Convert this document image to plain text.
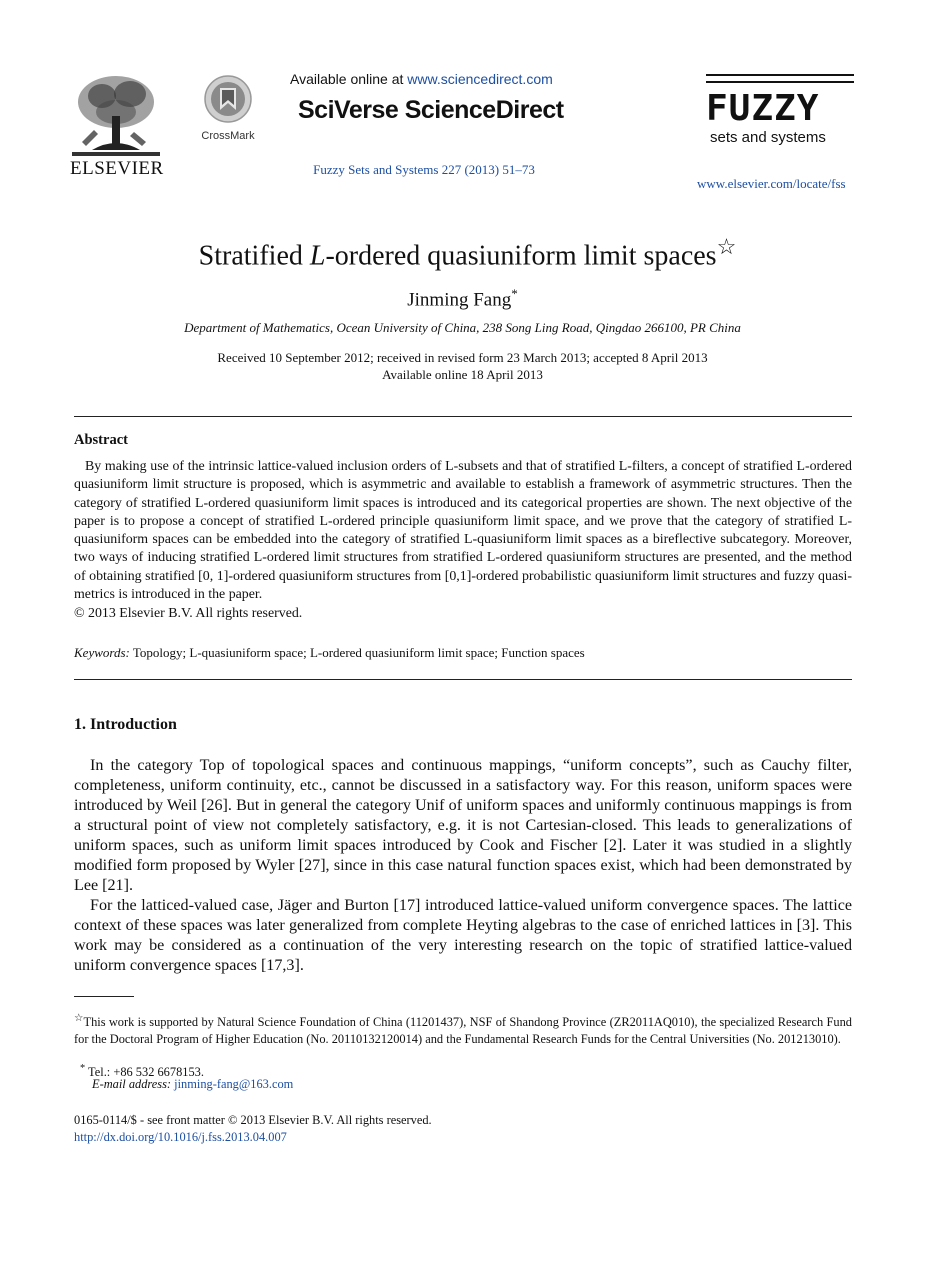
ELSEVIER
CrossMark
Available online at www.sciencedirect.com
SciVerse ScienceDirect
Fuzzy Sets and Systems 227 (2013) 51–73
FUZZY
sets and systems
www.elsevier.com/locate/fss
Stratified L-ordered quasiuniform limit spaces☆
Jinming Fang*
Department of Mathematics, Ocean University of China, 238 Song Ling Road, Qingdao 266100, PR China
Received 10 September 2012; received in revised form 23 March 2013; accepted 8 April 2013
Available online 18 April 2013
Abstract
By making use of the intrinsic lattice-valued inclusion orders of L-subsets and that of stratified L-filters, a concept of stratified L-ordered quasiuniform limit structure is proposed, which is asymmetric and available to establish a framework of asymmetric structures. Then the category of stratified L-ordered quasiuniform limit spaces is introduced and its categorical properties are shown. The next objective of the paper is to propose a concept of stratified L-ordered principle quasiuniform limit space, and we prove that the category of stratified L-quasiuniform spaces can be embedded into the category of stratified L-quasiuniform limit spaces as a bireflective subcategory. Moreover, two ways of inducing stratified L-ordered limit structures from stratified L-ordered quasiuniform structures are presented, and the method of obtaining stratified [0, 1]-ordered quasiuniform structures from [0,1]-ordered probabilistic quasiuniform limit structures and fuzzy quasi-metrics is introduced in the paper.
© 2013 Elsevier B.V. All rights reserved.
Keywords: Topology; L-quasiuniform space; L-ordered quasiuniform limit space; Function spaces
1. Introduction
In the category Top of topological spaces and continuous mappings, “uniform concepts”, such as Cauchy filter, completeness, uniform continuity, etc., cannot be discussed in a satisfactory way. For this reason, uniform spaces were introduced by Weil [26]. But in general the category Unif of uniform spaces and uniformly continuous mappings is from a structural point of view not completely satisfactory, e.g. it is not Cartesian-closed. This leads to generalizations of uniform spaces, such as uniform limit spaces introduced by Cook and Fischer [2]. Later it was studied in a slightly modified form proposed by Wyler [27], since in this case natural function spaces exist, which had been demonstrated by Lee [21].
For the latticed-valued case, Jäger and Burton [17] introduced lattice-valued uniform convergence spaces. The lattice context of these spaces was later generalized from complete Heyting algebras to the case of enriched lattices in [3]. This work may be considered as a continuation of the very interesting research on the topic of stratified lattice-valued uniform convergence spaces [17,3].
☆This work is supported by Natural Science Foundation of China (11201437), NSF of Shandong Province (ZR2011AQ010), the specialized Research Fund for the Doctoral Program of Higher Education (No. 20110132120014) and the Fundamental Research Funds for the Central Universities (No. 201213010).
* Tel.: +86 532 6678153.
E-mail address: jinming-fang@163.com
0165-0114/$ - see front matter © 2013 Elsevier B.V. All rights reserved.
http://dx.doi.org/10.1016/j.fss.2013.04.007
